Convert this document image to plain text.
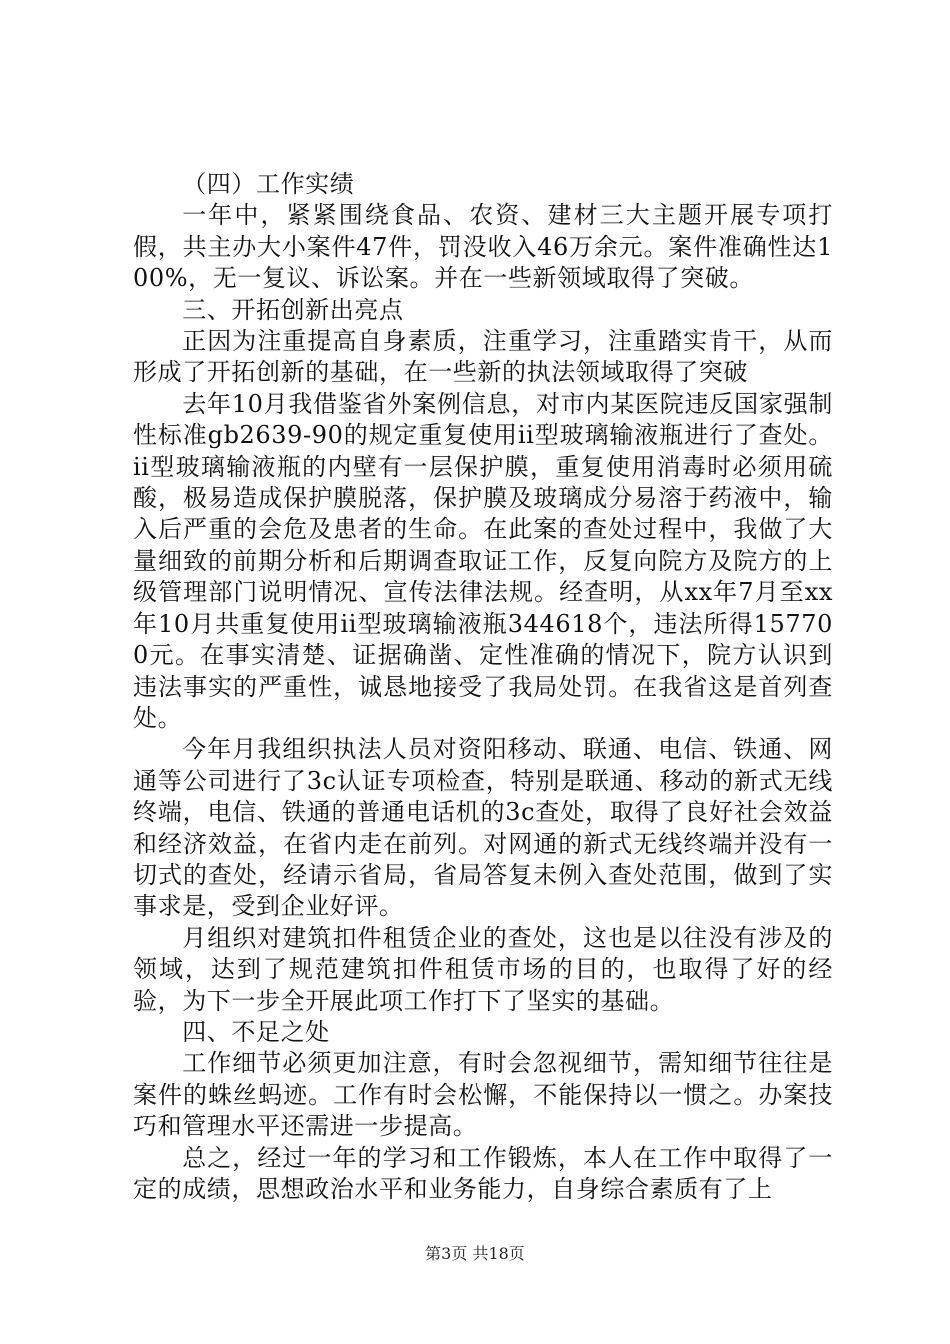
（四）工作实绩

一年中，紧紧围绕食品、农资、建材三大主题开展专项打假，共主办大小案件47件，罚没收入46万余元。案件准确性达100%，无一复议、诉讼案。并在一些新领域取得了突破。

三、开拓创新出亮点

正因为注重提高自身素质，注重学习，注重踏实肯干，从而形成了开拓创新的基础，在一些新的执法领域取得了突破

去年10月我借鉴省外案例信息，对市内某医院违反国家强制性标准gb2639-90的规定重复使用ii型玻璃输液瓶进行了查处。ii型玻璃输液瓶的内壁有一层保护膜，重复使用消毒时必须用硫酸，极易造成保护膜脱落，保护膜及玻璃成分易溶于药液中，输入后严重的会危及患者的生命。在此案的查处过程中，我做了大量细致的前期分析和后期调查取证工作，反复向院方及院方的上级管理部门说明情况、宣传法律法规。经查明，从xx年7月至xx年10月共重复使用ii型玻璃输液瓶344618个，违法所得157700元。在事实清楚、证据确凿、定性准确的情况下，院方认识到违法事实的严重性，诚恳地接受了我局处罚。在我省这是首列查处。

今年月我组织执法人员对资阳移动、联通、电信、铁通、网通等公司进行了3c认证专项检查，特别是联通、移动的新式无线终端，电信、铁通的普通电话机的3c查处，取得了良好社会效益和经济效益，在省内走在前列。对网通的新式无线终端并没有一切式的查处，经请示省局，省局答复未例入查处范围，做到了实事求是，受到企业好评。

月组织对建筑扣件租赁企业的查处，这也是以往没有涉及的领域，达到了规范建筑扣件租赁市场的目的，也取得了好的经验，为下一步全开展此项工作打下了坚实的基础。

四、不足之处

工作细节必须更加注意，有时会忽视细节，需知细节往往是案件的蛛丝蚂迹。工作有时会松懈，不能保持以一惯之。办案技巧和管理水平还需进一步提高。

总之，经过一年的学习和工作锻炼，本人在工作中取得了一定的成绩，思想政治水平和业务能力，自身综合素质有了上

第3页 共18页
